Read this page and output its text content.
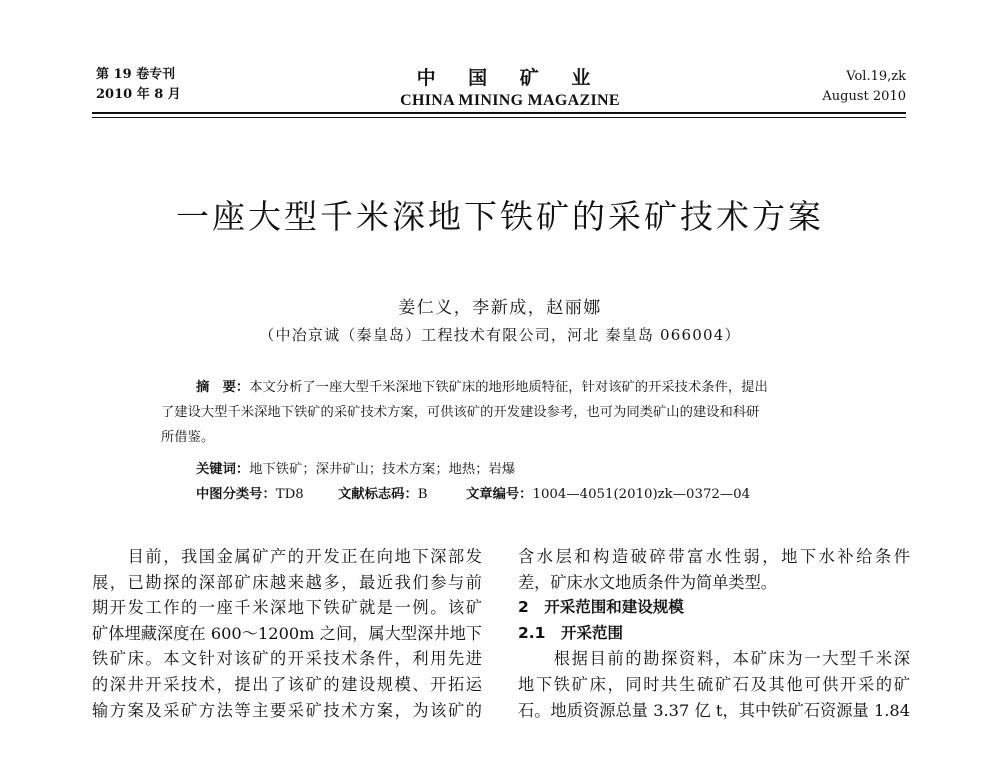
第 19 卷专刊
2010 年 8 月
中 国 矿 业
CHINA MINING MAGAZINE
Vol.19,zk
August 2010
一座大型千米深地下铁矿的采矿技术方案
姜仁义，李新成，赵丽娜
（中冶京诚（秦皇岛）工程技术有限公司，河北 秦皇岛 066004）
摘　要：本文分析了一座大型千米深地下铁矿床的地形地质特征，针对该矿的开采技术条件，提出
了建设大型千米深地下铁矿的采矿技术方案，可供该矿的开发建设参考，也可为同类矿山的建设和科研
所借鉴。
关键词：地下铁矿；深井矿山；技术方案；地热；岩爆
中图分类号：TD8	文献标志码：B	文章编号：1004—4051(2010)zk—0372—04
　　目前，我国金属矿产的开发正在向地下深部发
展，已勘探的深部矿床越来越多，最近我们参与前
期开发工作的一座千米深地下铁矿就是一例。该矿
矿体埋藏深度在 600～1200m 之间，属大型深井地下
铁矿床。本文针对该矿的开采技术条件，利用先进
的深井开采技术，提出了该矿的建设规模、开拓运
输方案及采矿方法等主要采矿技术方案，为该矿的
含水层和构造破碎带富水性弱，地下水补给条件
差，矿床水文地质条件为简单类型。
2　开采范围和建设规模
2.1　开采范围
　　根据目前的勘探资料，本矿床为一大型千米深
地下铁矿床，同时共生硫矿石及其他可供开采的矿
石。地质资源总量 3.37 亿 t，其中铁矿石资源量 1.84
